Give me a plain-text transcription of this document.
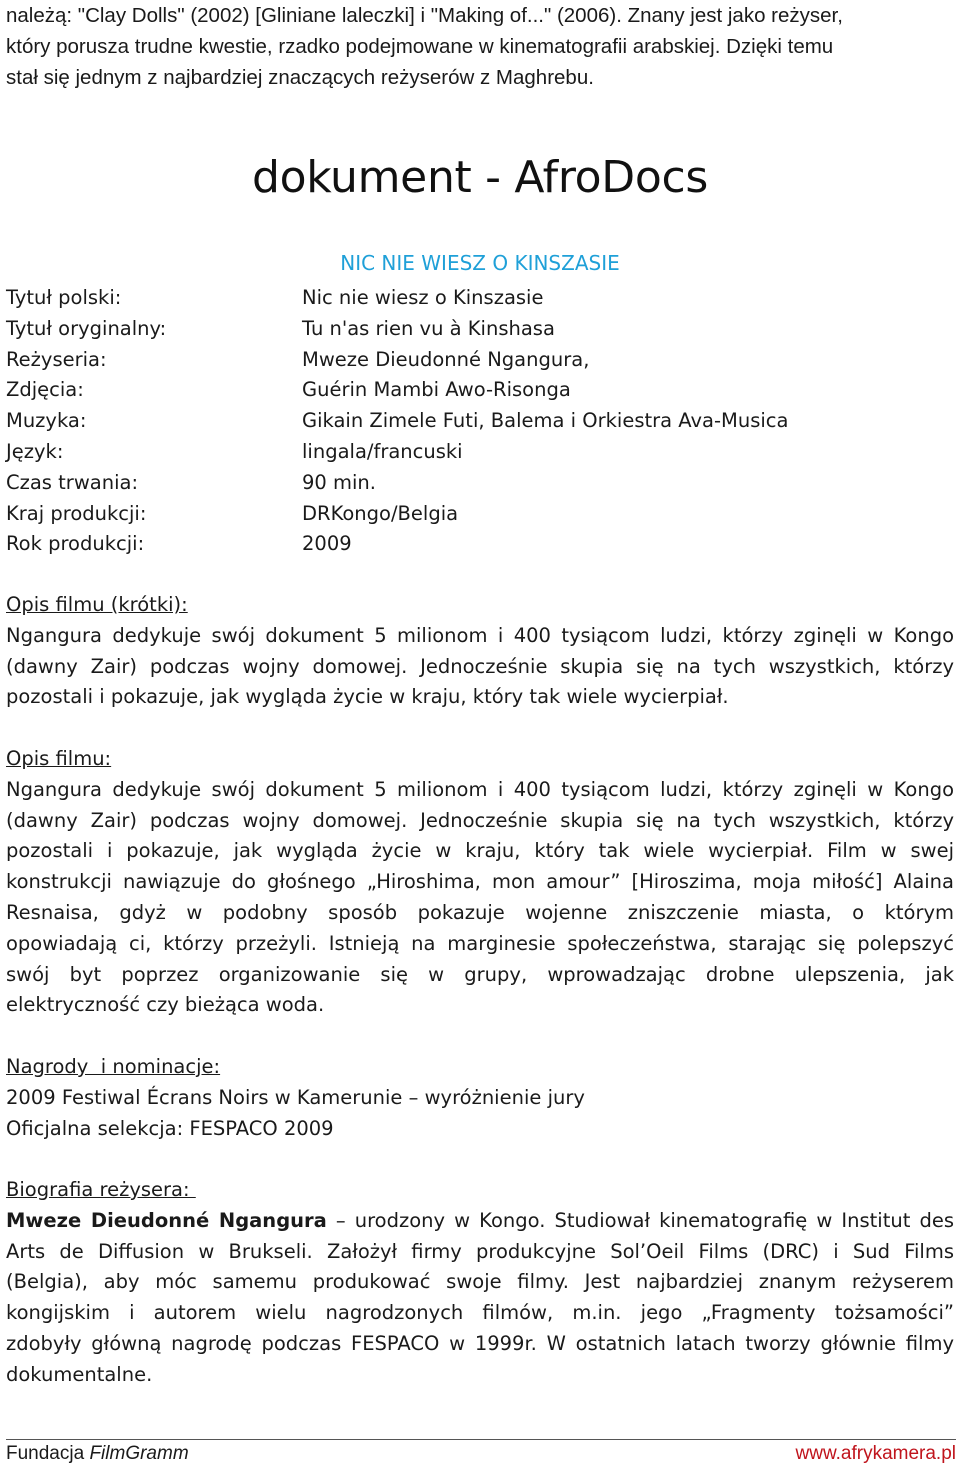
należą: "Clay Dolls" (2002) [Gliniane laleczki] i "Making of..." (2006). Znany jest jako reżyser,
który porusza trudne kwestie, rzadko podejmowane w kinematografii arabskiej. Dzięki temu
stał się jednym z najbardziej znaczących reżyserów z Maghrebu.
dokument - AfroDocs
NIC NIE WIESZ O KINSZASIE
Tytuł polski:	Nic nie wiesz o Kinszasie
Tytuł oryginalny:	Tu n'as rien vu à Kinshasa
Reżyseria:	Mweze Dieudonné Ngangura,
Zdjęcia:	Guérin Mambi Awo-Risonga
Muzyka:	Gikain Zimele Futi, Balema i Orkiestra Ava-Musica
Język:	lingala/francuski
Czas trwania:	90 min.
Kraj produkcji:	DRKongo/Belgia
Rok produkcji:	2009
Opis filmu (krótki):
Ngangura dedykuje swój dokument 5 milionom i 400 tysiącom ludzi, którzy zginęli w Kongo
(dawny Zair) podczas wojny domowej. Jednocześnie skupia się na tych wszystkich, którzy
pozostali i pokazuje, jak wygląda życie w kraju, który tak wiele wycierpiał.
Opis filmu:
Ngangura dedykuje swój dokument 5 milionom i 400 tysiącom ludzi, którzy zginęli w Kongo
(dawny Zair) podczas wojny domowej. Jednocześnie skupia się na tych wszystkich, którzy
pozostali i pokazuje, jak wygląda życie w kraju, który tak wiele wycierpiał. Film w swej
konstrukcji nawiązuje do głośnego „Hiroshima, mon amour” [Hiroszima, moja miłość] Alaina
Resnaisa, gdyż w podobny sposób pokazuje wojenne zniszczenie miasta, o którym
opowiadają ci, którzy przeżyli. Istnieją na marginesie społeczeństwa, starając się polepszyć
swój byt poprzez organizowanie się w grupy, wprowadzając drobne ulepszenia, jak
elektryczność czy bieżąca woda.
Nagrody  i nominacje:
2009 Festiwal Écrans Noirs w Kamerunie – wyróżnienie jury
Oficjalna selekcja: FESPACO 2009
Biografia reżysera:
Mweze Dieudonné Ngangura – urodzony w Kongo. Studiował kinematografię w Institut des
Arts de Diffusion w Brukseli. Założył firmy produkcyjne Sol’Oeil Films (DRC) i Sud Films
(Belgia), aby móc samemu produkować swoje filmy. Jest najbardziej znanym reżyserem
kongijskim i autorem wielu nagrodzonych filmów, m.in. jego „Fragmenty tożsamości”
zdobyły główną nagrodę podczas FESPACO w 1999r. W ostatnich latach tworzy głównie filmy
dokumentalne.
Fundacja FilmGramm	www.afrykamera.pl
